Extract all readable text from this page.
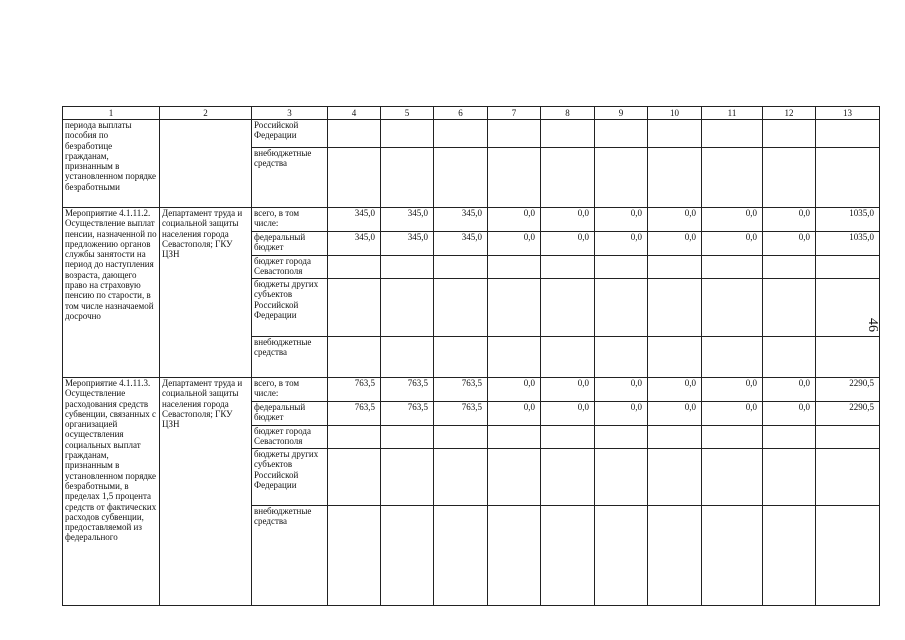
1	2	3	4	5	6	7	8	9	10	11	12	13
периода выплаты пособия по безработице гражданам, признанным в установленном порядке безработными		Российской Федерации										
		внебюджетные средства										
Мероприятие 4.1.11.2. Осуществление выплат пенсии, назначенной по предложению органов службы занятости на период до наступления возраста, дающего право на страховую пенсию по старости, в том числе назначаемой досрочно	Департамент труда и социальной защиты населения города Севастополя; ГКУ ЦЗН	всего, в том числе:	345,0	345,0	345,0	0,0	0,0	0,0	0,0	0,0	0,0	1035,0
		федеральный бюджет	345,0	345,0	345,0	0,0	0,0	0,0	0,0	0,0	0,0	1035,0
		бюджет города Севастополя										
		бюджеты других субъектов Российской Федерации										
		внебюджетные средства										
Мероприятие 4.1.11.3. Осуществление расходования средств субвенции, связанных с организацией осуществления социальных выплат гражданам, признанным в установленном порядке безработными, в пределах 1,5 процента средств от фактических расходов субвенции, предоставляемой из федерального	Департамент труда и социальной защиты населения города Севастополя; ГКУ ЦЗН	всего, в том числе:	763,5	763,5	763,5	0,0	0,0	0,0	0,0	0,0	0,0	2290,5
		федеральный бюджет	763,5	763,5	763,5	0,0	0,0	0,0	0,0	0,0	0,0	2290,5
		бюджет города Севастополя										
		бюджеты других субъектов Российской Федерации										
		внебюджетные средства										
46
